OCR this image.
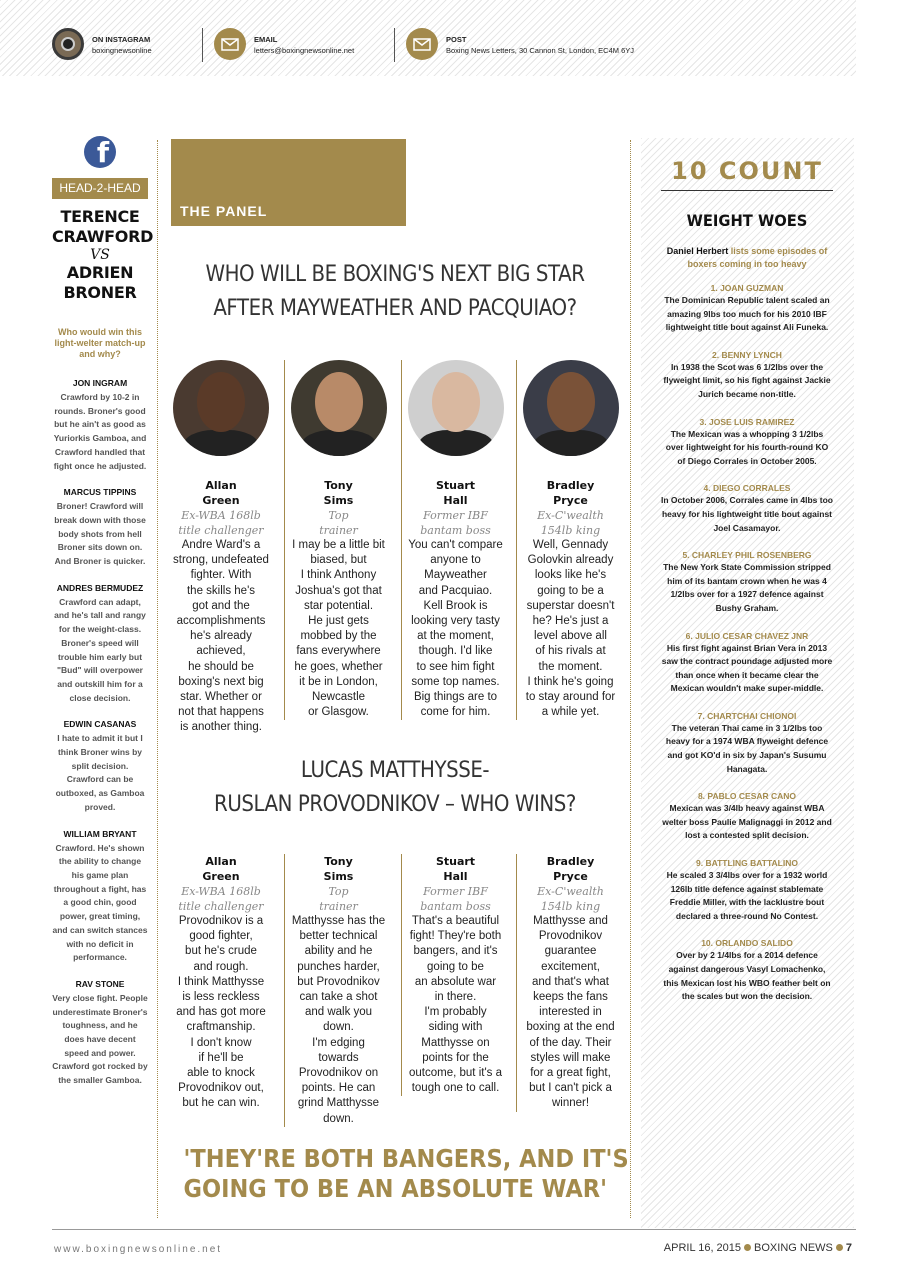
ON INSTAGRAM
boxingnewsonline
EMAIL
letters@boxingnewsonline.net
POST
Boxing News Letters, 30 Cannon St, London, EC4M 6YJ
f
HEAD-2-HEAD
TERENCE
CRAWFORD
VS
ADRIEN
BRONER
Who would win this light-welter match-up and why?
JON INGRAM
Crawford by 10-2 in rounds. Broner's good but he ain't as good as Yuriorkis Gamboa, and Crawford handled that fight once he adjusted.
MARCUS TIPPINS
Broner! Crawford will break down with those body shots from hell Broner sits down on. And Broner is quicker.
ANDRES BERMUDEZ
Crawford can adapt, and he's tall and rangy for the weight-class. Broner's speed will trouble him early but "Bud" will overpower and outskill him for a close decision.
EDWIN CASANAS
I hate to admit it but I think Broner wins by split decision. Crawford can be outboxed, as Gamboa proved.
WILLIAM BRYANT
Crawford. He's shown the ability to change his game plan throughout a fight, has a good chin, good power, great timing, and can switch stances with no deficit in performance.
RAV STONE
Very close fight. People underestimate Broner's toughness, and he does have decent speed and power. Crawford got rocked by the smaller Gamboa.
THE PANEL
WHO WILL BE BOXING'S NEXT BIG STAR
AFTER MAYWEATHER AND PACQUIAO?
Allan
Green
Ex-WBA 168lb
title challenger
Andre Ward's a
strong, undefeated
fighter. With
the skills he's
got and the
accomplishments
he's already
achieved,
he should be
boxing's next big
star. Whether or
not that happens
is another thing.
Tony
Sims
Top
trainer
I may be a little bit
biased, but
I think Anthony
Joshua's got that
star potential.
He just gets
mobbed by the
fans everywhere
he goes, whether
it be in London,
Newcastle
or Glasgow.
Stuart
Hall
Former IBF
bantam boss
You can't compare
anyone to
Mayweather
and Pacquiao.
Kell Brook is
looking very tasty
at the moment,
though. I'd like
to see him fight
some top names.
Big things are to
come for him.
Bradley
Pryce
Ex-C'wealth
154lb king
Well, Gennady
Golovkin already
looks like he's
going to be a
superstar doesn't
he? He's just a
level above all
of his rivals at
the moment.
I think he's going
to stay around for
a while yet.
LUCAS MATTHYSSE-
RUSLAN PROVODNIKOV – WHO WINS?
Allan
Green
Ex-WBA 168lb
title challenger
Provodnikov is a
good fighter,
but he's crude
and rough.
I think Matthysse
is less reckless
and has got more
craftmanship.
I don't know
if he'll be
able to knock
Provodnikov out,
but he can win.
Tony
Sims
Top
trainer
Matthysse has the
better technical
ability and he
punches harder,
but Provodnikov
can take a shot
and walk you
down.
I'm edging
towards
Provodnikov on
points. He can
grind Matthysse
down.
Stuart
Hall
Former IBF
bantam boss
That's a beautiful
fight! They're both
bangers, and it's
going to be
an absolute war
in there.
I'm probably
siding with
Matthysse on
points for the
outcome, but it's a
tough one to call.
Bradley
Pryce
Ex-C'wealth
154lb king
Matthysse and
Provodnikov
guarantee
excitement,
and that's what
keeps the fans
interested in
boxing at the end
of the day. Their
styles will make
for a great fight,
but I can't pick a
winner!
'THEY'RE BOTH BANGERS, AND IT'S
GOING TO BE AN ABSOLUTE WAR'
10 COUNT
WEIGHT WOES
Daniel Herbert lists some episodes of boxers coming in too heavy
1. JOAN GUZMAN
The Dominican Republic talent scaled an amazing 9lbs too much for his 2010 IBF lightweight title bout against Ali Funeka.
2. BENNY LYNCH
In 1938 the Scot was 6 1/2lbs over the flyweight limit, so his fight against Jackie Jurich became non-title.
3. JOSE LUIS RAMIREZ
The Mexican was a whopping 3 1/2lbs over lightweight for his fourth-round KO of Diego Corrales in October 2005.
4. DIEGO CORRALES
In October 2006, Corrales came in 4lbs too heavy for his lightweight title bout against Joel Casamayor.
5. CHARLEY PHIL ROSENBERG
The New York State Commission stripped him of its bantam crown when he was 4 1/2lbs over for a 1927 defence against Bushy Graham.
6. JULIO CESAR CHAVEZ JNR
His first fight against Brian Vera in 2013 saw the contract poundage adjusted more than once when it became clear the Mexican wouldn't make super-middle.
7. CHARTCHAI CHIONOI
The veteran Thai came in 3 1/2lbs too heavy for a 1974 WBA flyweight defence and got KO'd in six by Japan's Susumu Hanagata.
8. PABLO CESAR CANO
Mexican was 3/4lb heavy against WBA welter boss Paulie Malignaggi in 2012 and lost a contested split decision.
9. BATTLING BATTALINO
He scaled 3 3/4lbs over for a 1932 world 126lb title defence against stablemate Freddie Miller, with the lacklustre bout declared a three-round No Contest.
10. ORLANDO SALIDO
Over by 2 1/4lbs for a 2014 defence against dangerous Vasyl Lomachenko, this Mexican lost his WBO feather belt on the scales but won the decision.
www.boxingnewsonline.net	APRIL 16, 2015 BOXING NEWS 7
